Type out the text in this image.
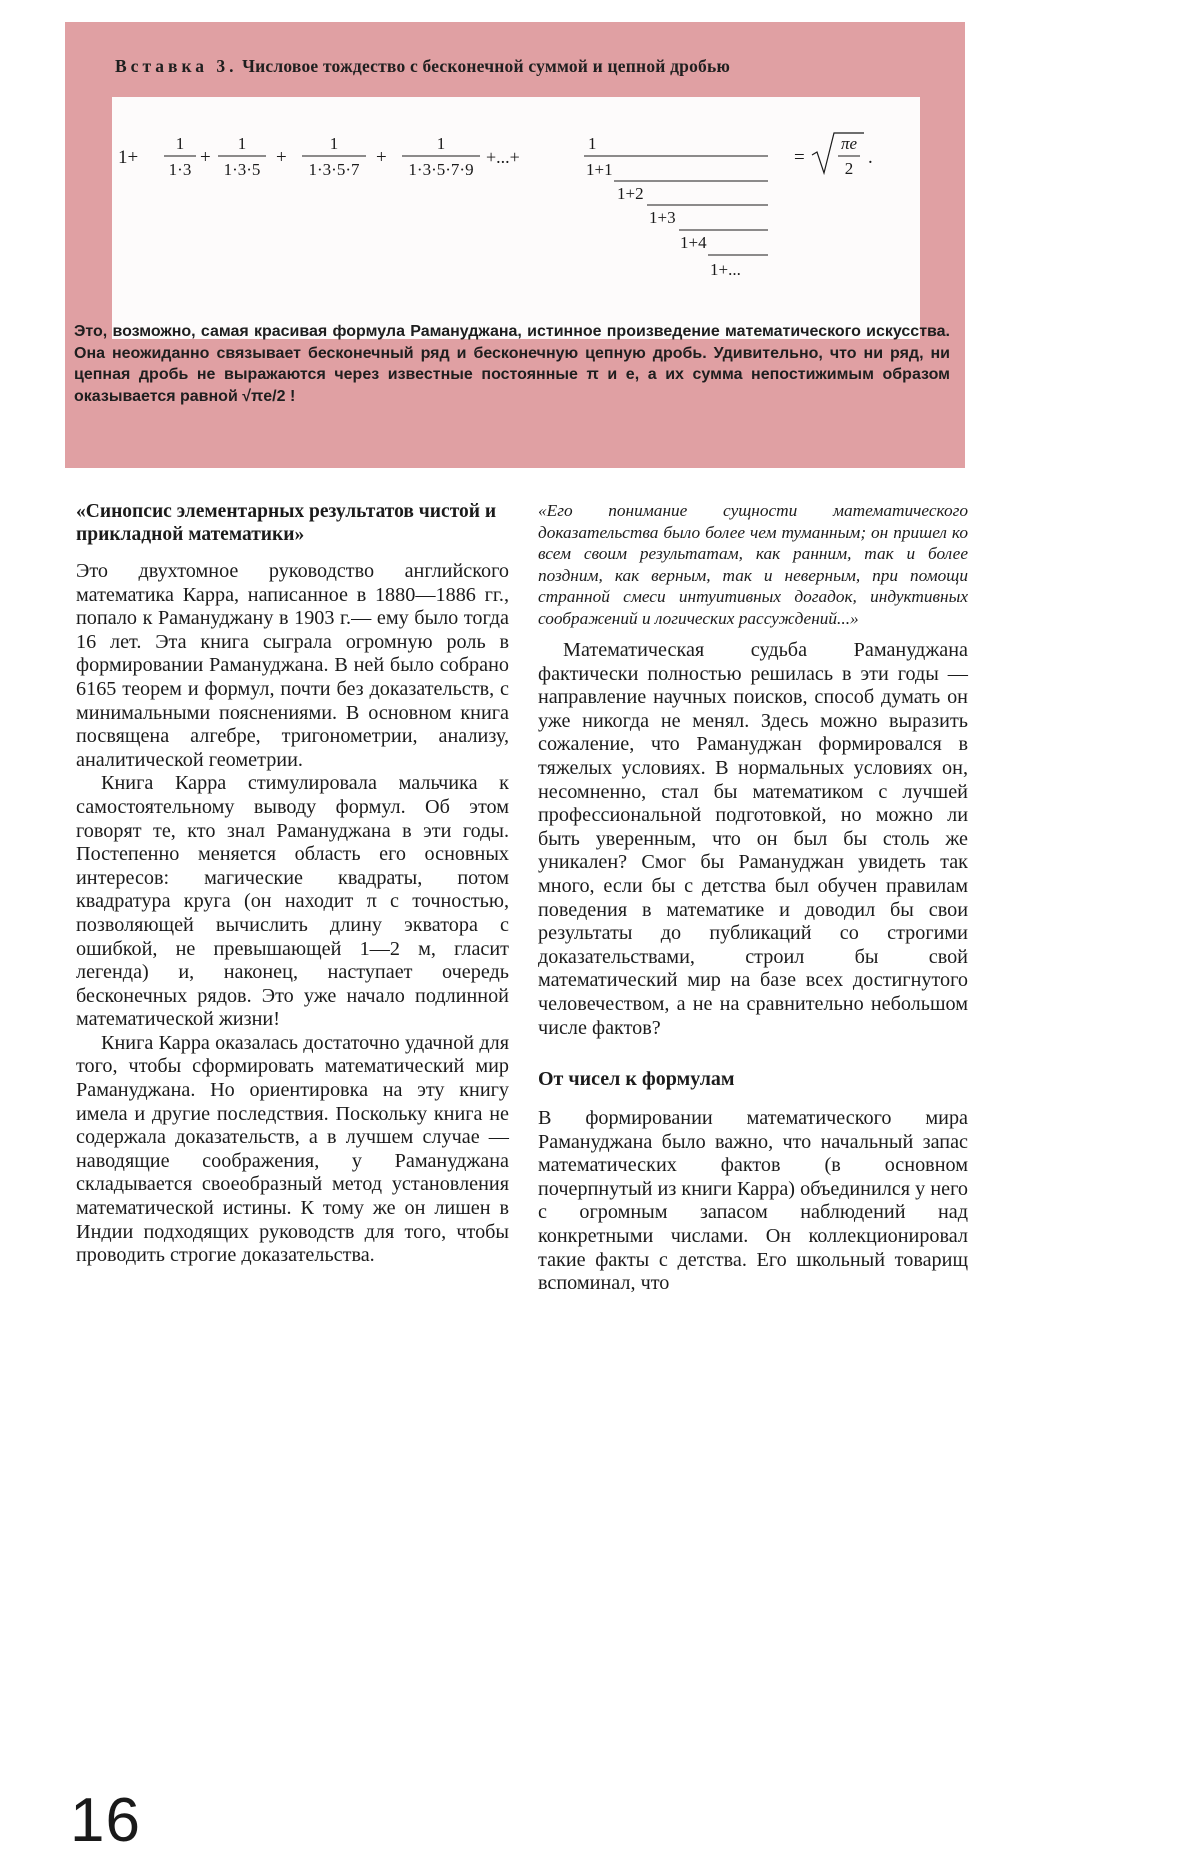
Вставка 3. Числовое тождество с бесконечной суммой и цепной дробью
1+
1
1·3
+
1
1·3·5
+
1
1·3·5·7
+
1
1·3·5·7·9
+...+
1
1+1
1+2
1+3
1+4
1+...
=
πe
2
.

Это, возможно, самая красивая формула Рамануджана, истинное произведение математического искусства. Она неожиданно связывает бесконечный ряд и бесконечную цепную дробь. Удивительно, что ни ряд, ни цепная дробь не выражаются через известные постоянные π и e, а их сумма непостижимым образом оказывается равной √πe/2 !

«Синопсис элементарных результатов чистой и прикладной математики»

Это двухтомное руководство английского математика Карра, написанное в 1880—1886 гг., попало к Рамануджану в 1903 г.— ему было тогда 16 лет. Эта книга сыграла огромную роль в формировании Рамануджана. В ней было собрано 6165 теорем и формул, почти без доказательств, с минимальными пояснениями. В основном книга посвящена алгебре, тригонометрии, анализу, аналитической геометрии.

Книга Карра стимулировала мальчика к самостоятельному выводу формул. Об этом говорят те, кто знал Рамануджана в эти годы. Постепенно меняется область его основных интересов: магические квадраты, потом квадратура круга (он находит π с точностью, позволяющей вычислить длину экватора с ошибкой, не превышающей 1—2 м, гласит легенда) и, наконец, наступает очередь бесконечных рядов. Это уже начало подлинной математической жизни!

Книга Карра оказалась достаточно удачной для того, чтобы сформировать математический мир Рамануджана. Но ориентировка на эту книгу имела и другие последствия. Поскольку книга не содержала доказательств, а в лучшем случае — наводящие соображения, у Рамануджана складывается своеобразный метод установления математической истины. К тому же он лишен в Индии подходящих руководств для того, чтобы проводить строгие доказательства.

«Его понимание сущности математического доказательства было более чем туманным; он пришел ко всем своим результатам, как ранним, так и более поздним, как верным, так и неверным, при помощи странной смеси интуитивных догадок, индуктивных соображений и логических рассуждений...»

Математическая судьба Рамануджана фактически полностью решилась в эти годы — направление научных поисков, способ думать он уже никогда не менял. Здесь можно выразить сожаление, что Рамануджан формировался в тяжелых условиях. В нормальных условиях он, несомненно, стал бы математиком с лучшей профессиональной подготовкой, но можно ли быть уверенным, что он был бы столь же уникален? Смог бы Рамануджан увидеть так много, если бы с детства был обучен правилам поведения в математике и доводил бы свои результаты до публикаций со строгими доказательствами, строил бы свой математический мир на базе всех достигнутого человечеством, а не на сравнительно небольшом числе фактов?

От чисел к формулам

В формировании математического мира Рамануджана было важно, что начальный запас математических фактов (в основном почерпнутый из книги Карра) объединился у него с огромным запасом наблюдений над конкретными числами. Он коллекционировал такие факты с детства. Его школьный товарищ вспоминал, что

16
